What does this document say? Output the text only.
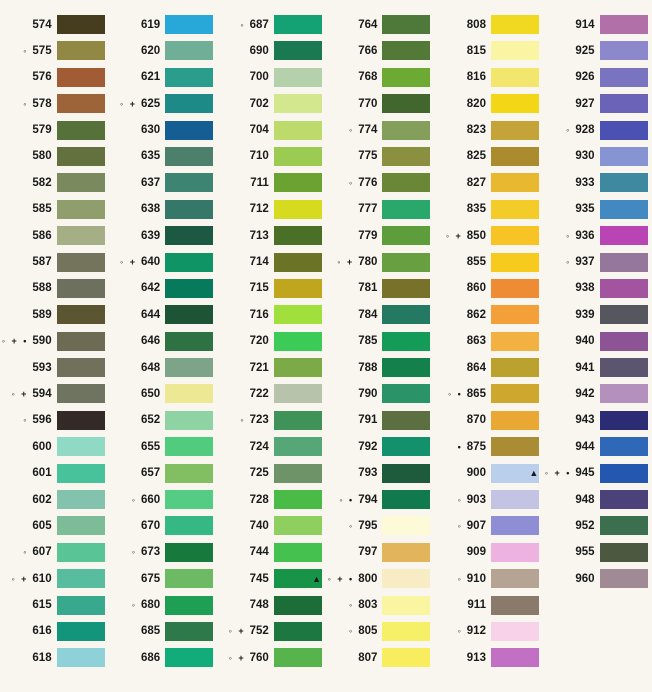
574
◦ 575
576
◦ 578
579
580
582
585
586
587
588
589
◦ + • 590
593
◦ + 594
◦ 596
600
601
602
605
◦ 607
◦ + 610
615
616
618
619
620
621
◦ + 625
630
635
637
638
639
◦ + 640
642
644
646
648
650
652
655
657
◦ 660
670
◦ 673
675
◦ 680
685
686
◦ 687
690
700
702
704
710
711
712
713
714
715
716
720
721
722
◦ 723
724
725
728
740
744
745
748
◦ + 752
◦ + 760
764
766
768
770
◦ 774
775
◦ 776
777
779
◦ + 780
781
784
785
788
790
791
792
793
◦ • 794
◦ 795
797
▲ ◦ + • 800
◦ 803
◦ 805
807
808
815
816
820
823
825
827
835
◦ + 850
855
860
862
863
864
◦ • 865
870
• 875
900
◦ 903
◦ 907
909
◦ 910
911
◦ 912
913
914
925
926
927
◦ 928
930
933
935
◦ 936
◦ 937
938
939
940
941
942
943
944
▲ ◦ + • 945
948
952
955
960
